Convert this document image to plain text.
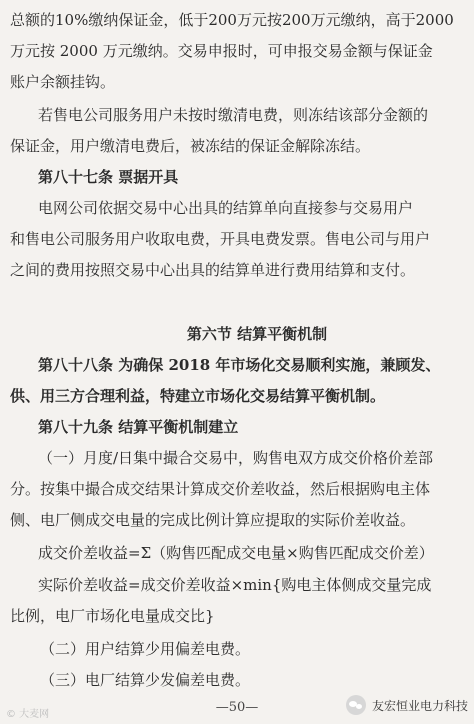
总额的10%缴纳保证金，低于200万元按200万元缴纳，高于2000
万元按 2000 万元缴纳。交易申报时，可申报交易金额与保证金
账户余额挂钩。
若售电公司服务用户未按时缴清电费，则冻结该部分金额的
保证金，用户缴清电费后，被冻结的保证金解除冻结。
第八十七条 票据开具
电网公司依据交易中心出具的结算单向直接参与交易用户
和售电公司服务用户收取电费，开具电费发票。售电公司与用户
之间的费用按照交易中心出具的结算单进行费用结算和支付。
第六节 结算平衡机制
第八十八条 为确保 2018 年市场化交易顺利实施，兼顾发、
供、用三方合理利益，特建立市场化交易结算平衡机制。
第八十九条 结算平衡机制建立
（一）月度/日集中撮合交易中，购售电双方成交价格价差部
分。按集中撮合成交结果计算成交价差收益，然后根据购电主体
侧、电厂侧成交电量的完成比例计算应提取的实际价差收益。
成交价差收益=Σ（购售匹配成交电量×购售匹配成交价差）
实际价差收益=成交价差收益×min{购电主体侧成交量完成
比例，电厂市场化电量成交比}
（二）用户结算少用偏差电费。
（三）电厂结算少发偏差电费。
—50—
© 大麦网
友宏恒业电力科技
